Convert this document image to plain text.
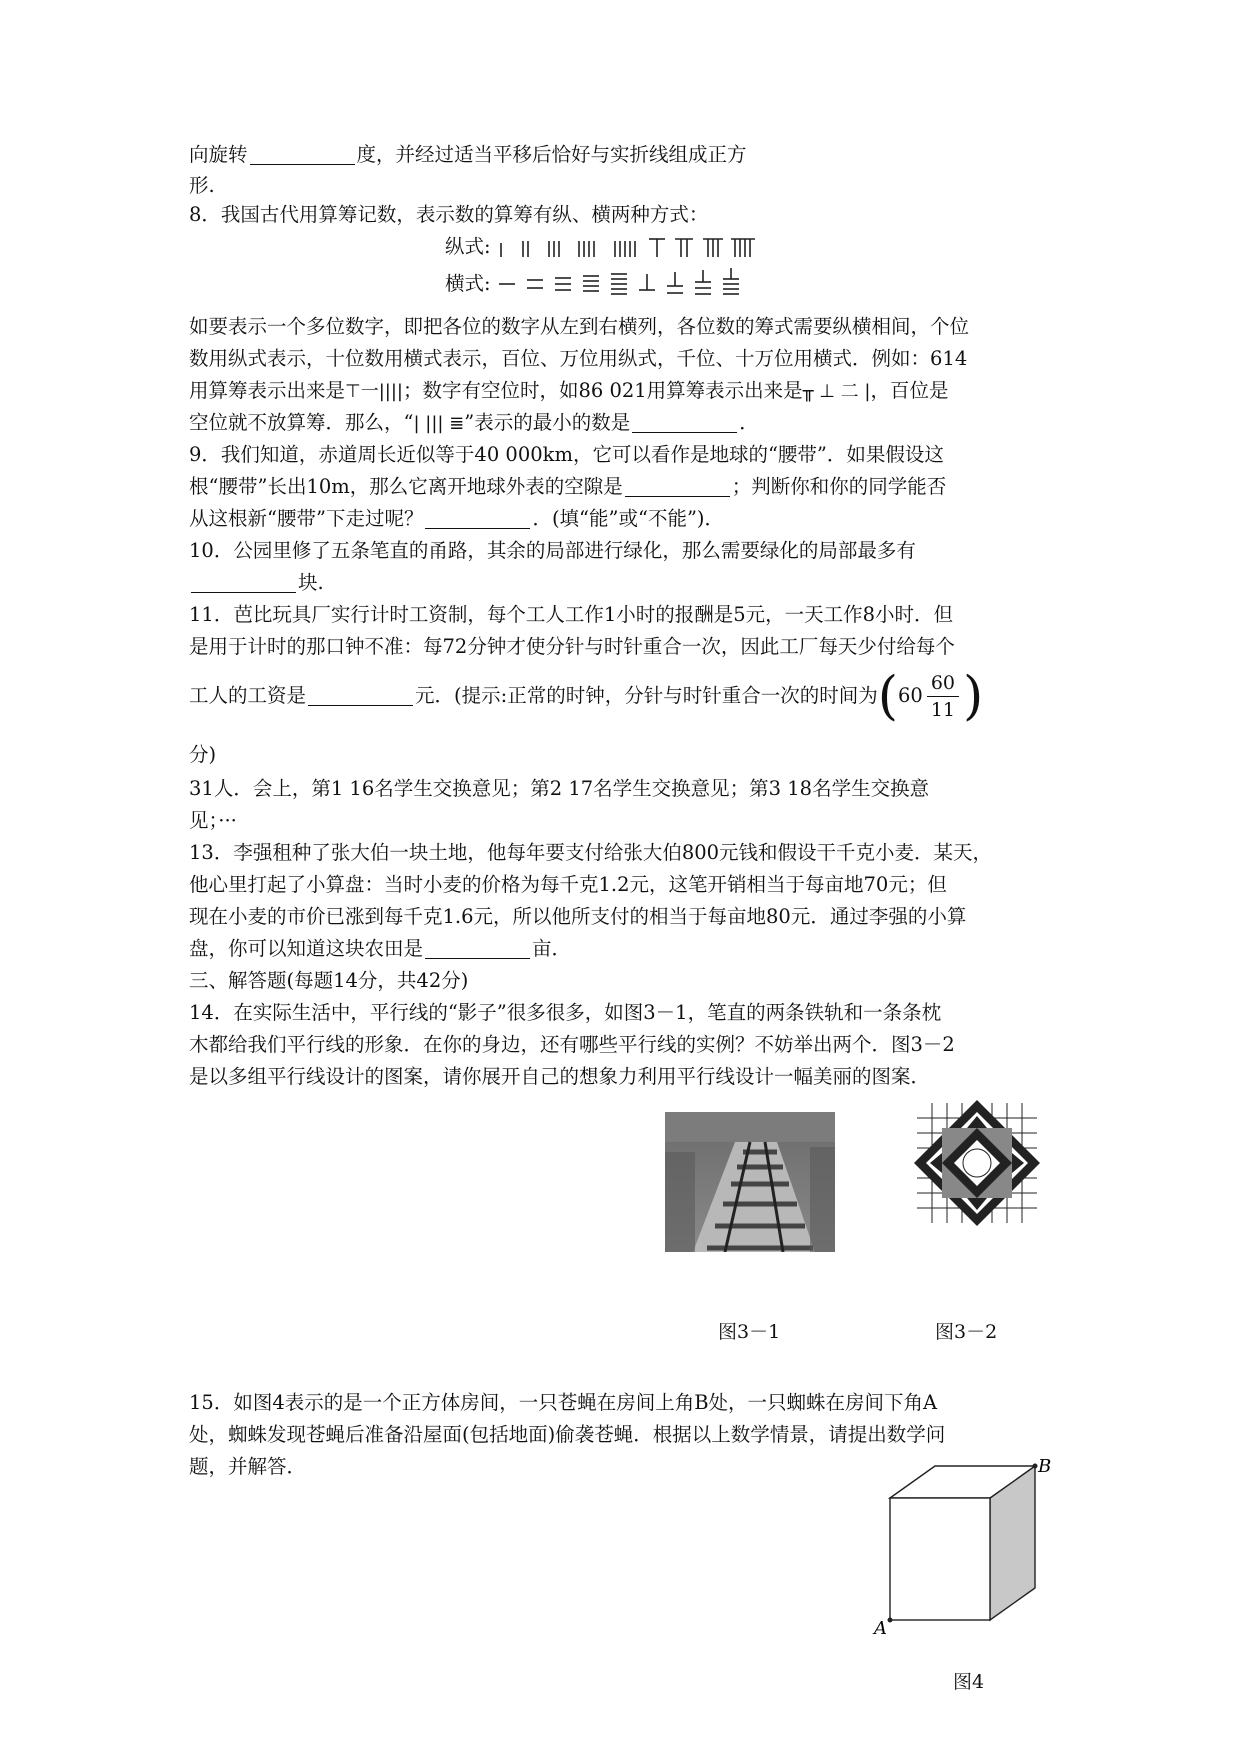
向旋转	度，并经过适当平移后恰好与实折线组成正方
形.
8．我国古代用算筹记数，表示数的算筹有纵、横两种方式：
纵式:
横式:
如要表示一个多位数字，即把各位的数字从左到右横列，各位数的筹式需要纵横相间，个位
数用纵式表示，十位数用横式表示，百位、万位用纵式，千位、十万位用横式．例如：614
用算筹表示出来是⊤一||||；数字有空位时，如86 021用算筹表示出来是╥ ⊥ 二 |，百位是
空位就不放算筹．那么，“| ||| ≣”表示的最小的数是	．
9．我们知道，赤道周长近似等于40 000km，它可以看作是地球的“腰带”．如果假设这
根“腰带”长出10m，那么它离开地球外表的空隙是	；判断你和你的同学能否
从这根新“腰带”下走过呢？	．(填“能”或“不能”)．
10．公园里修了五条笔直的甬路，其余的局部进行绿化，那么需要绿化的局部最多有
块.
11．芭比玩具厂实行计时工资制，每个工人工作1小时的报酬是5元，一天工作8小时．但
是用于计时的那口钟不准：每72分钟才使分针与时针重合一次，因此工厂每天少付给每个
工人的工资是	元．(提示:正常的时钟，分针与时针重合一次的时间为($60 \frac{60}{11}$ )
分)
31人．会上，第1 16名学生交换意见；第2 17名学生交换意见；第3 18名学生交换意
见；···
13．李强租种了张大伯一块土地，他每年要支付给张大伯800元钱和假设干千克小麦．某天，
他心里打起了小算盘：当时小麦的价格为每千克1.2元，这笔开销相当于每亩地70元；但
现在小麦的市价已涨到每千克1.6元，所以他所支付的相当于每亩地80元．通过李强的小算
盘，你可以知道这块农田是	亩．
三、解答题(每题14分，共42分)
14．在实际生活中，平行线的“影子”很多很多，如图3－1，笔直的两条铁轨和一条条枕
木都给我们平行线的形象．在你的身边，还有哪些平行线的实例？不妨举出两个．图3－2
是以多组平行线设计的图案，请你展开自己的想象力利用平行线设计一幅美丽的图案．
图3－1	图3－2
15．如图4表示的是一个正方体房间，一只苍蝇在房间上角B处，一只蜘蛛在房间下角A
处，蜘蛛发现苍蝇后准备沿屋面(包括地面)偷袭苍蝇．根据以上数学情景，请提出数学问
题，并解答．	B
A
图4
